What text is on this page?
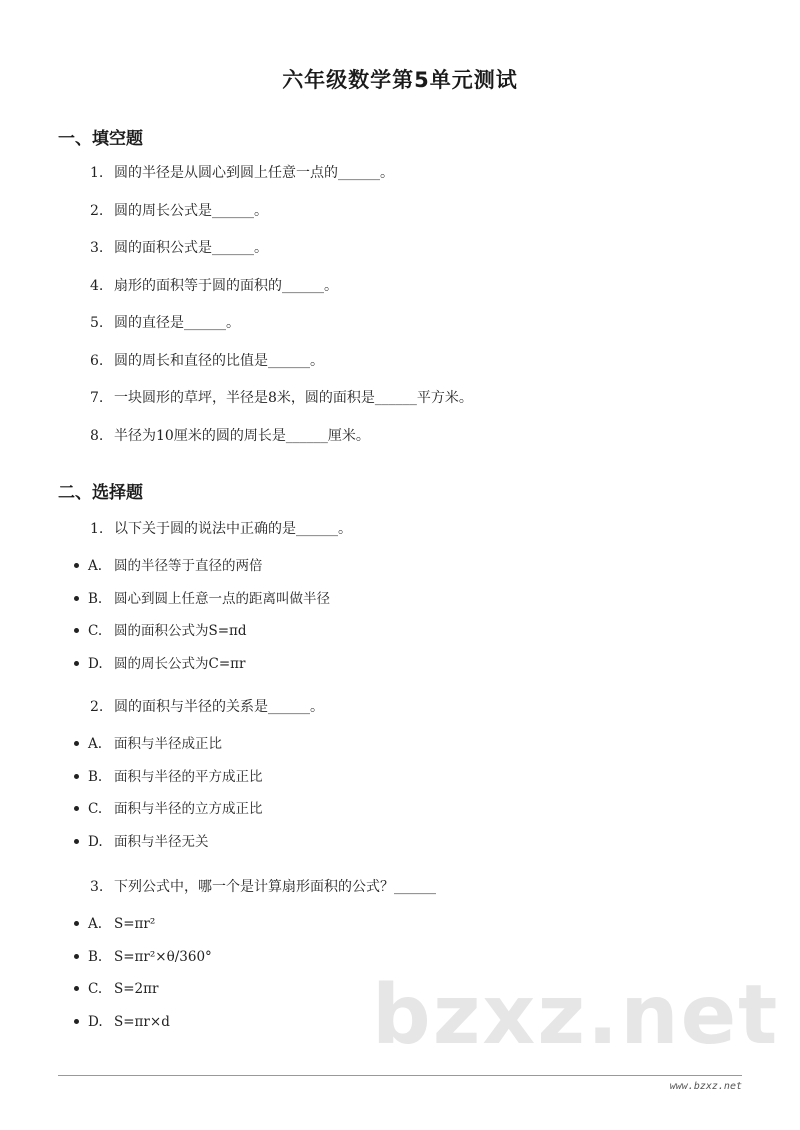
六年级数学第5单元测试
一、填空题
1. 圆的半径是从圆心到圆上任意一点的______。
2. 圆的周长公式是______。
3. 圆的面积公式是______。
4. 扇形的面积等于圆的面积的______。
5. 圆的直径是______。
6. 圆的周长和直径的比值是______。
7. 一块圆形的草坪，半径是8米，圆的面积是______平方米。
8. 半径为10厘米的圆的周长是______厘米。
二、选择题
1. 以下关于圆的说法中正确的是______。
A. 圆的半径等于直径的两倍
B. 圆心到圆上任意一点的距离叫做半径
C. 圆的面积公式为S=πd
D. 圆的周长公式为C=πr
2. 圆的面积与半径的关系是______。
A. 面积与半径成正比
B. 面积与半径的平方成正比
C. 面积与半径的立方成正比
D. 面积与半径无关
3. 下列公式中，哪一个是计算扇形面积的公式？______
A. S=πr²
B. S=πr²×θ/360°
C. S=2πr
D. S=πr×d	bzxz.net
www.bzxz.net
